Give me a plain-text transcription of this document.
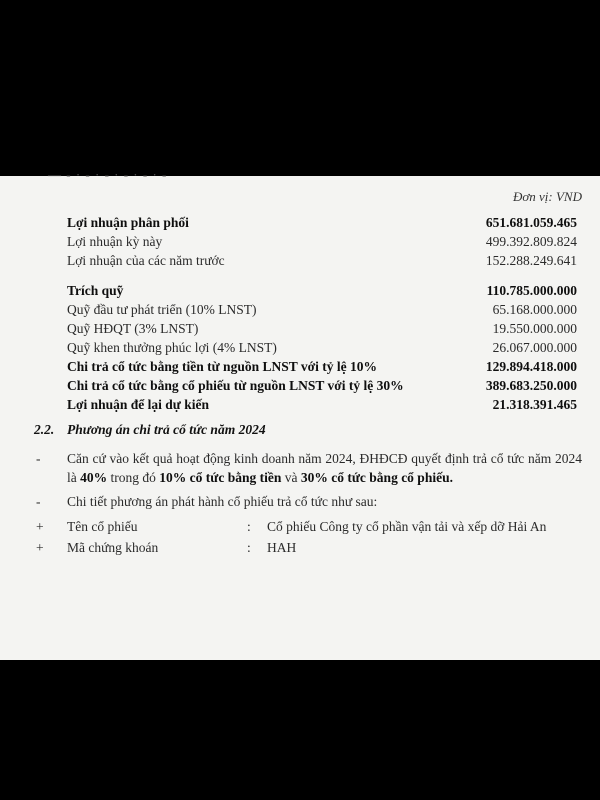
— - · - · - · - · - · -
Đơn vị: VND
Lợi nhuận phân phối	651.681.059.465
Lợi nhuận kỳ này	499.392.809.824
Lợi nhuận của các năm trước	152.288.249.641
Trích quỹ	110.785.000.000
Quỹ đầu tư phát triển (10% LNST)	65.168.000.000
Quỹ HĐQT (3% LNST)	19.550.000.000
Quỹ khen thưởng phúc lợi (4% LNST)	26.067.000.000
Chi trả cổ tức bằng tiền từ nguồn LNST với tỷ lệ 10%	129.894.418.000
Chi trả cổ tức bằng cổ phiếu từ nguồn LNST với tỷ lệ 30%	389.683.250.000
Lợi nhuận để lại dự kiến	21.318.391.465
2.2. Phương án chi trả cổ tức năm 2024
- Căn cứ vào kết quả hoạt động kinh doanh năm 2024, ĐHĐCĐ quyết định trả cổ tức năm 2024 là 40% trong đó 10% cổ tức bằng tiền và 30% cổ tức bằng cổ phiếu.
- Chi tiết phương án phát hành cổ phiếu trả cổ tức như sau:
+ Tên cổ phiếu	: Cổ phiếu Công ty cổ phần vận tải và xếp dỡ Hải An
+ Mã chứng khoán	: HAH
